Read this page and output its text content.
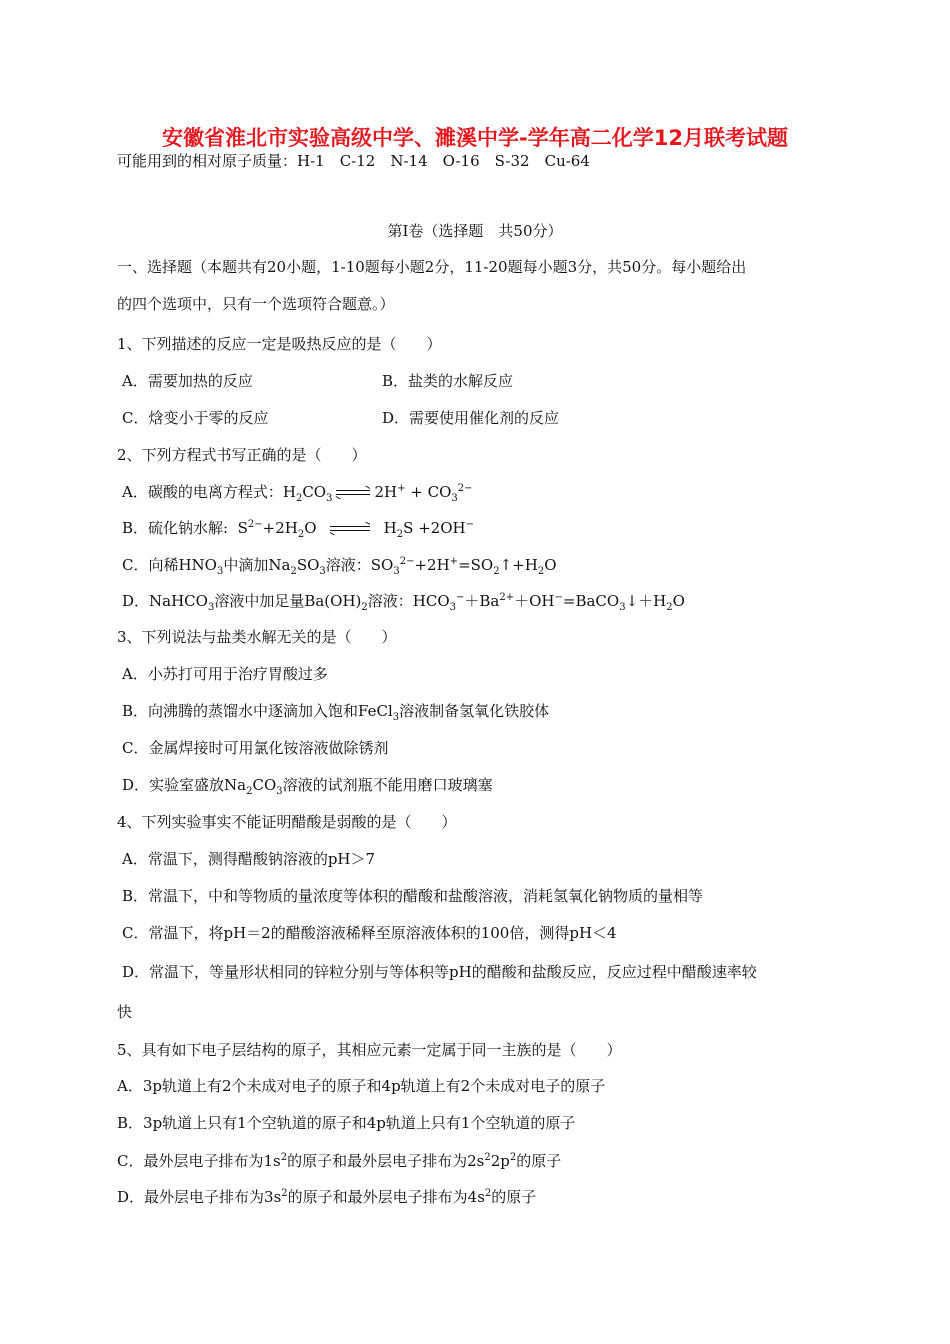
安徽省淮北市实验高级中学、濉溪中学-学年高二化学12月联考试题
可能用到的相对原子质量：H-1　C-12　N-14　O-16　S-32　Cu-64
第Ⅰ卷（选择题　共50分）
一、选择题（本题共有20小题，1-10题每小题2分，11-20题每小题3分，共50分。每小题给出
的四个选项中，只有一个选项符合题意。）
1、下列描述的反应一定是吸热反应的是（　　）
A．需要加热的反应	B．盐类的水解反应
C．焓变小于零的反应	D．需要使用催化剂的反应
2、下列方程式书写正确的是（　　）
A．碳酸的电离方程式：$H_2CO_3$ ⇌ $2H^+ + CO_3^{2-}$
B．硫化钠水解:  $S^{2-}+2H_2O$ ⇌ $H_2S +2OH^-$
C．向稀$HNO_3$中滴加$Na_2SO_3$溶液：$SO_3^{2-}+2H^+=SO_2↑+H_2O$
D．NaHCO$_3$溶液中加足量$Ba(OH)_2$溶液：$HCO_3^-+Ba^{2+}+OH^-=BaCO_3↓+H_2O$
3、下列说法与盐类水解无关的是（　　）
A．小苏打可用于治疗胃酸过多
B．向沸腾的蒸馏水中逐滴加入饱和FeCl$_3$溶液制备氢氧化铁胶体
C．金属焊接时可用氯化铵溶液做除锈剂
D．实验室盛放$Na_2CO_3$溶液的试剂瓶不能用磨口玻璃塞
4、下列实验事实不能证明醋酸是弱酸的是（　　）
A．常温下，测得醋酸钠溶液的pH＞7
B．常温下，中和等物质的量浓度等体积的醋酸和盐酸溶液，消耗氢氧化钠物质的量相等
C．常温下，将pH＝2的醋酸溶液稀释至原溶液体积的100倍，测得pH＜4
D．常温下，等量形状相同的锌粒分别与等体积等pH的醋酸和盐酸反应，反应过程中醋酸速率较
快
5、具有如下电子层结构的原子，其相应元素一定属于同一主族的是（　　）
A．3p轨道上有2个未成对电子的原子和4p轨道上有2个未成对电子的原子
B．3p轨道上只有1个空轨道的原子和4p轨道上只有1个空轨道的原子
C．最外层电子排布为$1s^2$的原子和最外层电子排布为$2s^22p^2$的原子
D．最外层电子排布为$3s^2$的原子和最外层电子排布为$4s^2$的原子
